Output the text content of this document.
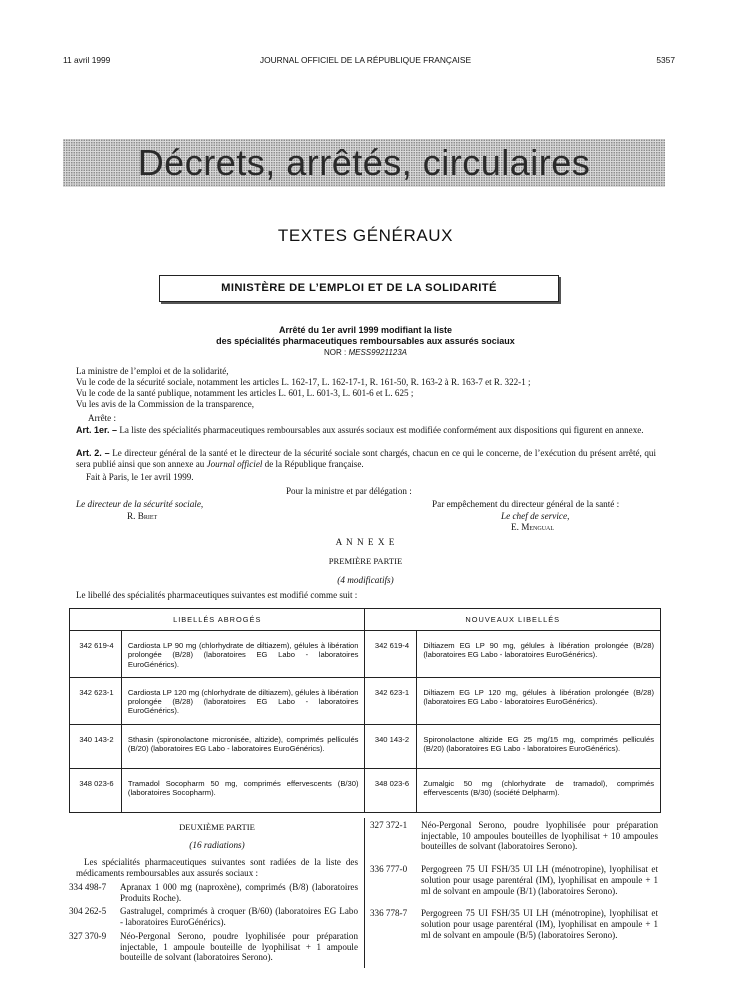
11 avril 1999	JOURNAL OFFICIEL DE LA RÉPUBLIQUE FRANÇAISE	5357
Décrets, arrêtés, circulaires
TEXTES GÉNÉRAUX
MINISTÈRE DE L’EMPLOI ET DE LA SOLIDARITÉ
Arrêté du 1er avril 1999 modifiant la liste
des spécialités pharmaceutiques remboursables aux assurés sociaux
NOR : MESS9921123A
La ministre de l’emploi et de la solidarité,
Vu le code de la sécurité sociale, notamment les articles L. 162-17, L. 162-17-1, R. 161-50, R. 163-2 à R. 163-7 et R. 322-1 ;
Vu le code de la santé publique, notamment les articles L. 601, L. 601-3, L. 601-6 et L. 625 ;
Vu les avis de la Commission de la transparence,
Arrête :
Art. 1er. – La liste des spécialités pharmaceutiques remboursables aux assurés sociaux est modifiée conformément aux dispositions qui figurent en annexe.
Art. 2. – Le directeur général de la santé et le directeur de la sécurité sociale sont chargés, chacun en ce qui le concerne, de l’exécution du présent arrêté, qui sera publié ainsi que son annexe au Journal officiel de la République française.
Fait à Paris, le 1er avril 1999.
Pour la ministre et par délégation :
Le directeur de la sécurité sociale,
R. Briet
Par empêchement du directeur général de la santé :
Le chef de service,
E. Mengual
A N N E X E
PREMIÈRE PARTIE
(4 modificatifs)
Le libellé des spécialités pharmaceutiques suivantes est modifié comme suit :
LIBELLÉS ABROGÉS		NOUVEAUX LIBELLÉS	
342 619-4	Cardiosta LP 90 mg (chlorhydrate de diltiazem), gélules à libération prolongée (B/28) (laboratoires EG Labo - laboratoires EuroGénérics).	342 619-4	Diltiazem EG LP 90 mg, gélules à libération prolongée (B/28) (laboratoires EG Labo - laboratoires EuroGénérics).
342 623-1	Cardiosta LP 120 mg (chlorhydrate de diltiazem), gélules à libération prolongée (B/28) (laboratoires EG Labo - laboratoires EuroGénérics).	342 623-1	Diltiazem EG LP 120 mg, gélules à libération prolongée (B/28) (laboratoires EG Labo - laboratoires EuroGénérics).
340 143-2	Sthasin (spironolactone micronisée, altizide), comprimés pelliculés (B/20) (laboratoires EG Labo - laboratoires EuroGénérics).	340 143-2	Spironolactone altizide EG 25 mg/15 mg, comprimés pelliculés (B/20) (laboratoires EG Labo - laboratoires EuroGénérics).
348 023-6	Tramadol Socopharm 50 mg, comprimés effervescents (B/30) (laboratoires Socopharm).	348 023-6	Zumalgic 50 mg (chlorhydrate de tramadol), comprimés effervescents (B/30) (société Delpharm).
DEUXIÈME PARTIE
(16 radiations)
Les spécialités pharmaceutiques suivantes sont radiées de la liste des médicaments remboursables aux assurés sociaux :
334 498-7	Apranax 1 000 mg (naproxène), comprimés (B/8) (laboratoires Produits Roche).
304 262-5	Gastralugel, comprimés à croquer (B/60) (laboratoires EG Labo - laboratoires EuroGénérics).
327 370-9	Néo-Pergonal Serono, poudre lyophilisée pour préparation injectable, 1 ampoule bouteille de lyophilisat + 1 ampoule bouteille de solvant (laboratoires Serono).
327 372-1	Néo-Pergonal Serono, poudre lyophilisée pour préparation injectable, 10 ampoules bouteilles de lyophilisat + 10 ampoules bouteilles de solvant (laboratoires Serono).
336 777-0	Pergogreen 75 UI FSH/35 UI LH (ménotropine), lyophilisat et solution pour usage parentéral (IM), lyophilisat en ampoule + 1 ml de solvant en ampoule (B/1) (laboratoires Serono).
336 778-7	Pergogreen 75 UI FSH/35 UI LH (ménotropine), lyophilisat et solution pour usage parentéral (IM), lyophilisat en ampoule + 1 ml de solvant en ampoule (B/5) (laboratoires Serono).
